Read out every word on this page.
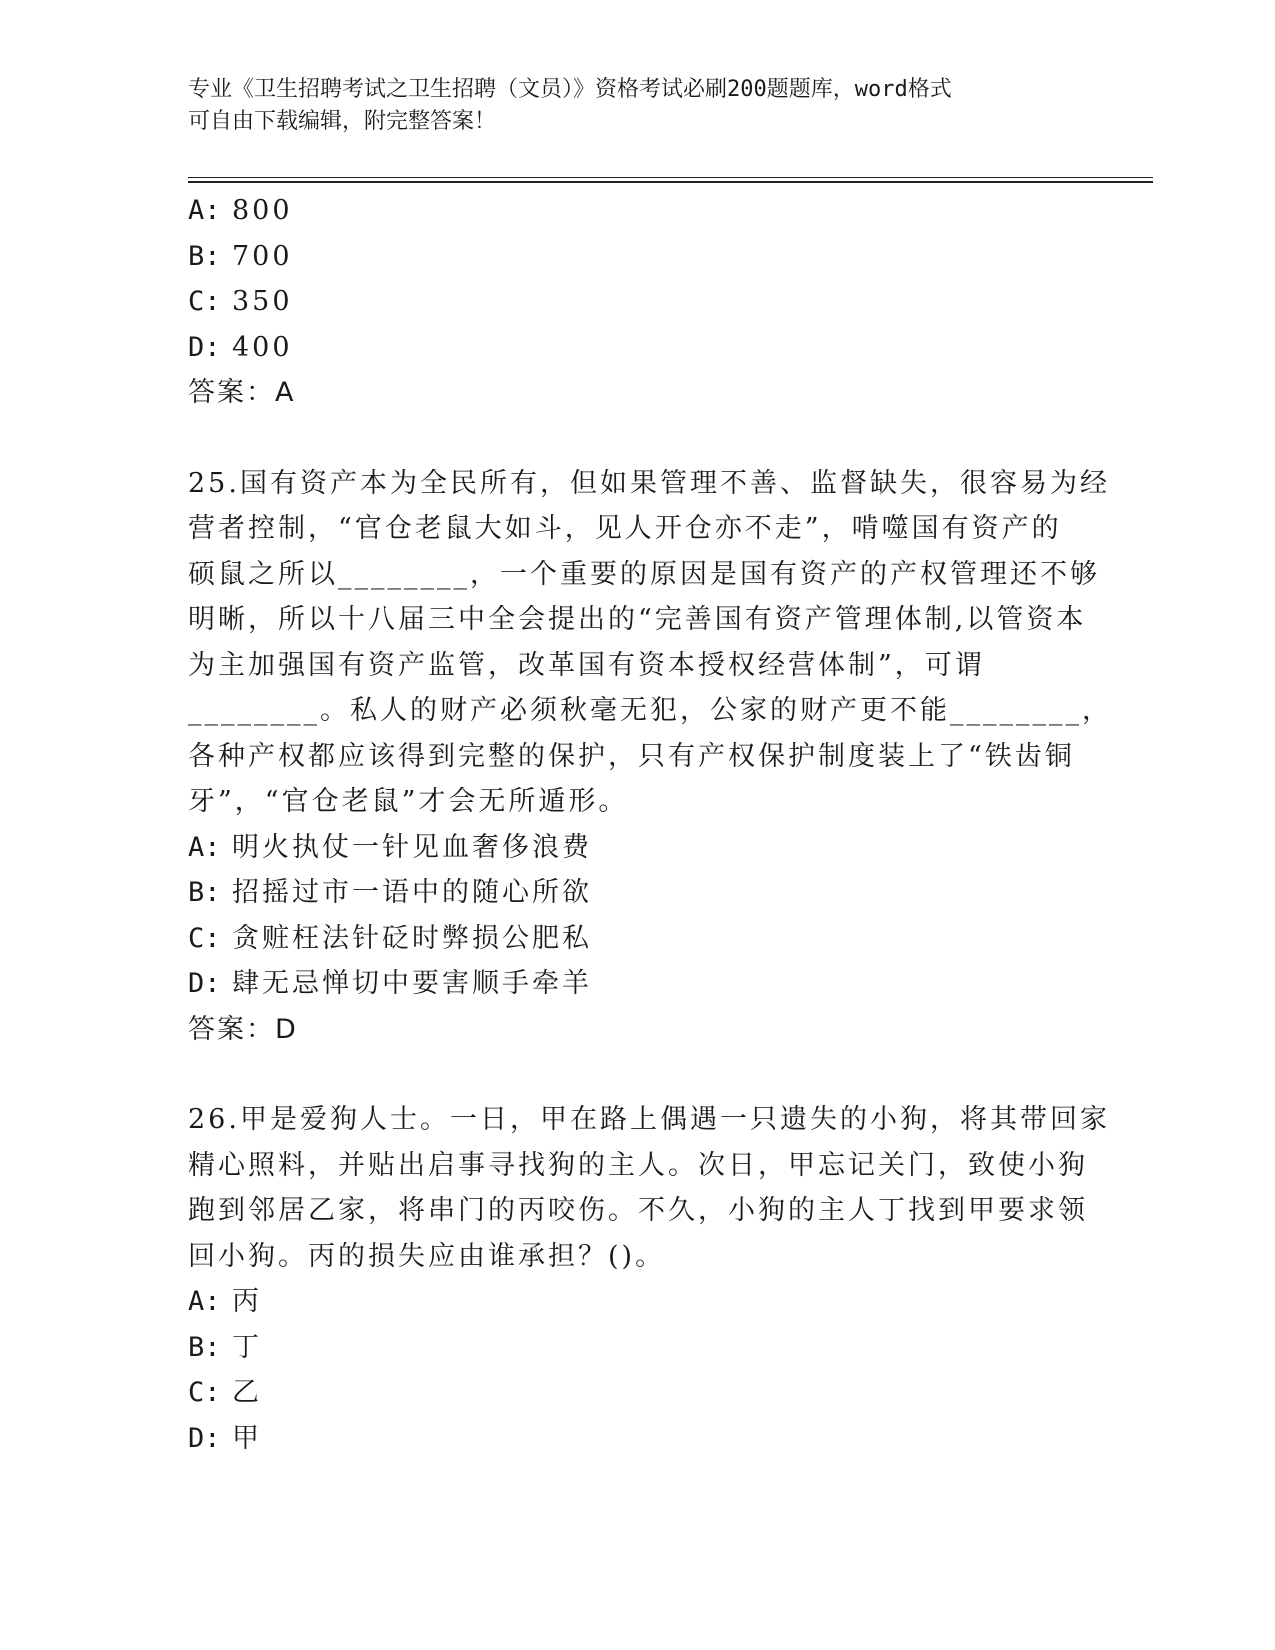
专业《卫生招聘考试之卫生招聘（文员）》资格考试必刷200题题库，word格式
可自由下载编辑，附完整答案！
A: 800
B: 700
C: 350
D: 400
答案：A
25.国有资产本为全民所有，但如果管理不善、监督缺失，很容易为经
营者控制，“官仓老鼠大如斗，见人开仓亦不走”，啃噬国有资产的
硕鼠之所以________，一个重要的原因是国有资产的产权管理还不够
明晰，所以十八届三中全会提出的“完善国有资产管理体制,以管资本
为主加强国有资产监管，改革国有资本授权经营体制”，可谓
________。私人的财产必须秋毫无犯，公家的财产更不能________，
各种产权都应该得到完整的保护，只有产权保护制度装上了“铁齿铜
牙”，“官仓老鼠”才会无所遁形。
A: 明火执仗一针见血奢侈浪费
B: 招摇过市一语中的随心所欲
C: 贪赃枉法针砭时弊损公肥私
D: 肆无忌惮切中要害顺手牵羊
答案：D
26.甲是爱狗人士。一日，甲在路上偶遇一只遗失的小狗，将其带回家
精心照料，并贴出启事寻找狗的主人。次日，甲忘记关门，致使小狗
跑到邻居乙家，将串门的丙咬伤。不久，小狗的主人丁找到甲要求领
回小狗。丙的损失应由谁承担？()。
A: 丙
B: 丁
C: 乙
D: 甲
